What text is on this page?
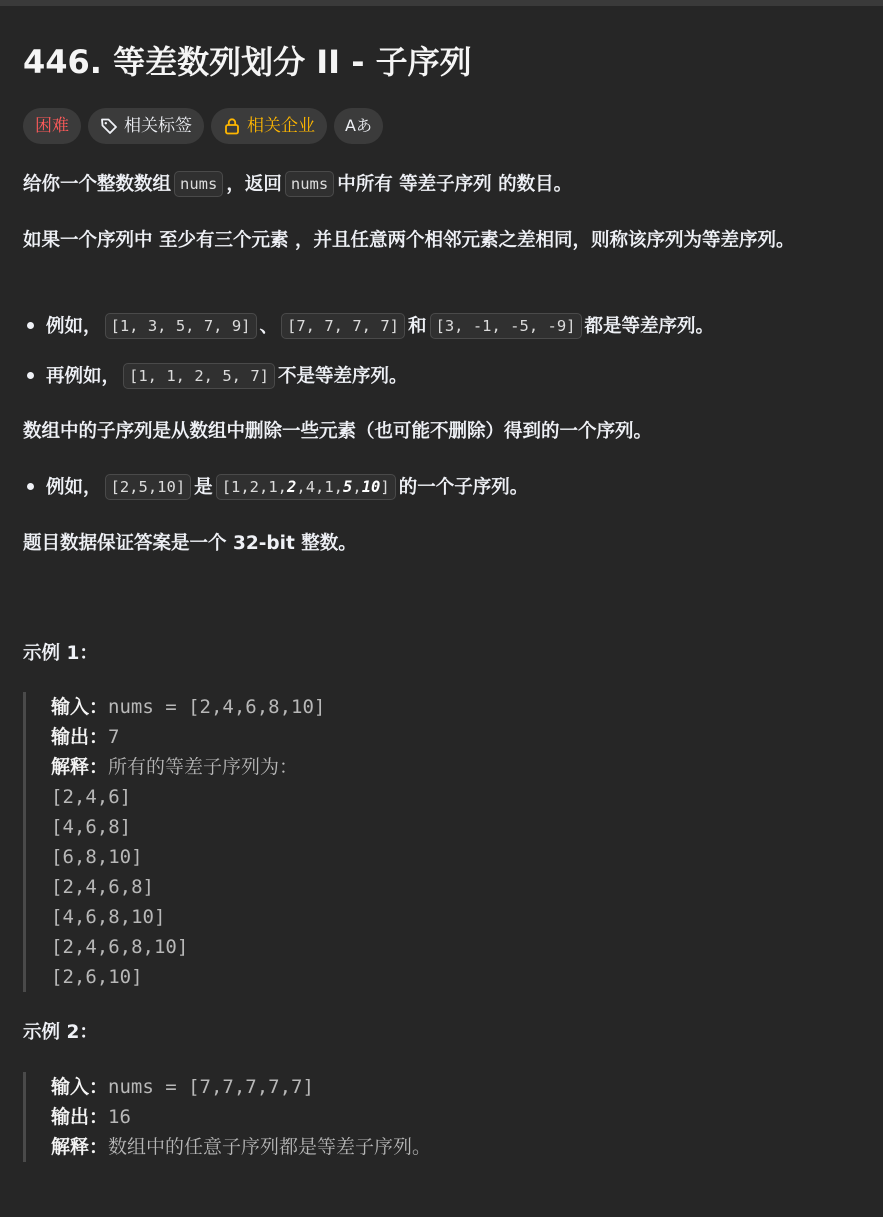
446. 等差数列划分 II - 子序列
困难	相关标签	相关企业 Aあ

给你一个整数数组 nums ，返回 nums 中所有 等差子序列 的数目。

如果一个序列中 至少有三个元素 ，并且任意两个相邻元素之差相同，则称该序列为等差序列。

例如， [1, 3, 5, 7, 9] 、 [7, 7, 7, 7] 和 [3, -1, -5, -9] 都是等差序列。
再例如， [1, 1, 2, 5, 7] 不是等差序列。

数组中的子序列是从数组中删除一些元素（也可能不删除）得到的一个序列。

例如， [2,5,10] 是 [1,2,1,2,4,1,5,10] 的一个子序列。

题目数据保证答案是一个 32-bit 整数。

示例 1：
输入：nums = [2,4,6,8,10]
输出：7
解释：所有的等差子序列为：
[2,4,6]
[4,6,8]
[6,8,10]
[2,4,6,8]
[4,6,8,10]
[2,4,6,8,10]
[2,6,10]
示例 2：
输入：nums = [7,7,7,7,7]
输出：16
解释：数组中的任意子序列都是等差子序列。
